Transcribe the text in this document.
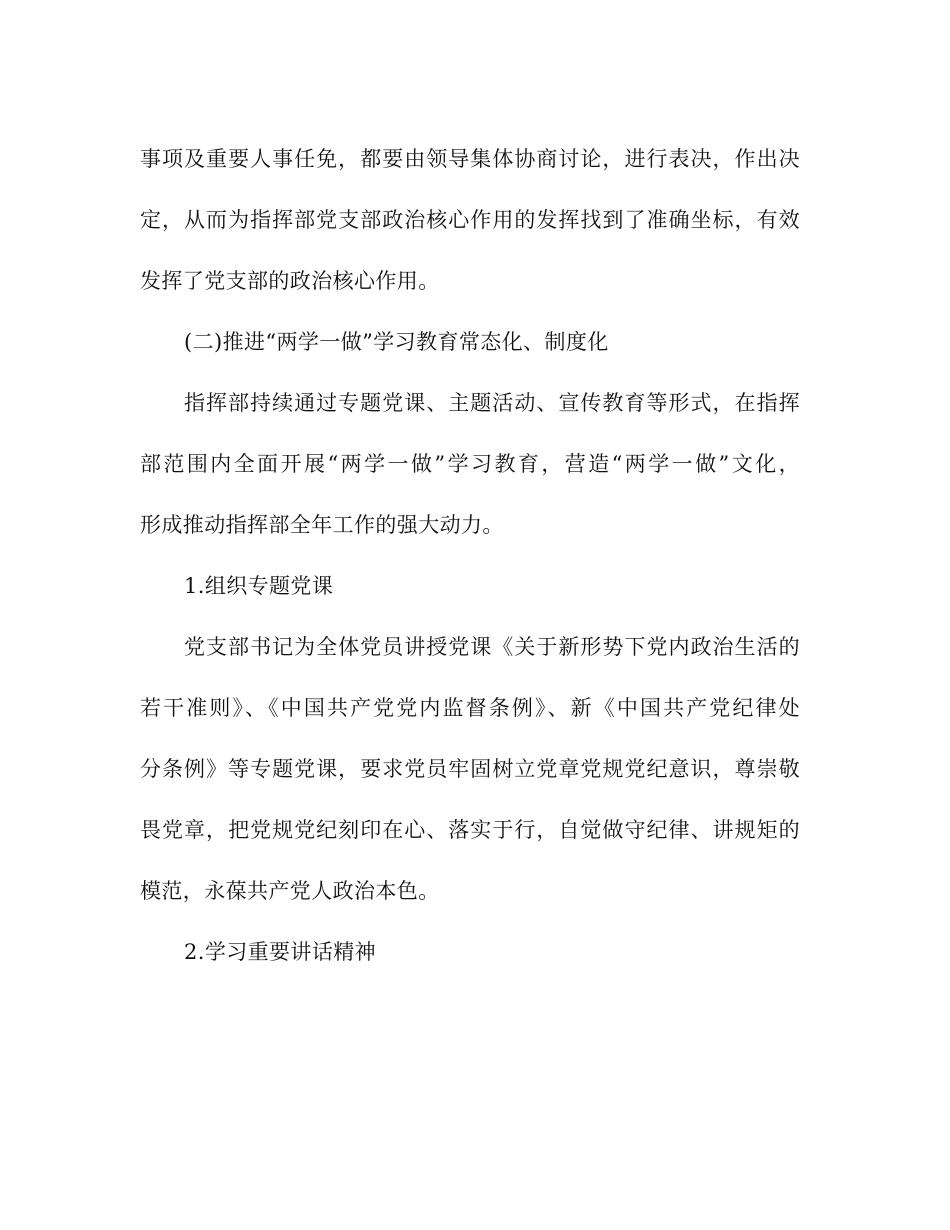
事项及重要人事任免，都要由领导集体协商讨论，进行表决，作出决
定，从而为指挥部党支部政治核心作用的发挥找到了准确坐标，有效
发挥了党支部的政治核心作用。
(二)推进“两学一做”学习教育常态化、制度化
指挥部持续通过专题党课、主题活动、宣传教育等形式，在指挥
部范围内全面开展“两学一做”学习教育，营造“两学一做”文化，
形成推动指挥部全年工作的强大动力。
1.组织专题党课
党支部书记为全体党员讲授党课《关于新形势下党内政治生活的
若干准则》、《中国共产党党内监督条例》、新《中国共产党纪律处
分条例》等专题党课，要求党员牢固树立党章党规党纪意识，尊崇敬
畏党章，把党规党纪刻印在心、落实于行，自觉做守纪律、讲规矩的
模范，永葆共产党人政治本色。
2.学习重要讲话精神
